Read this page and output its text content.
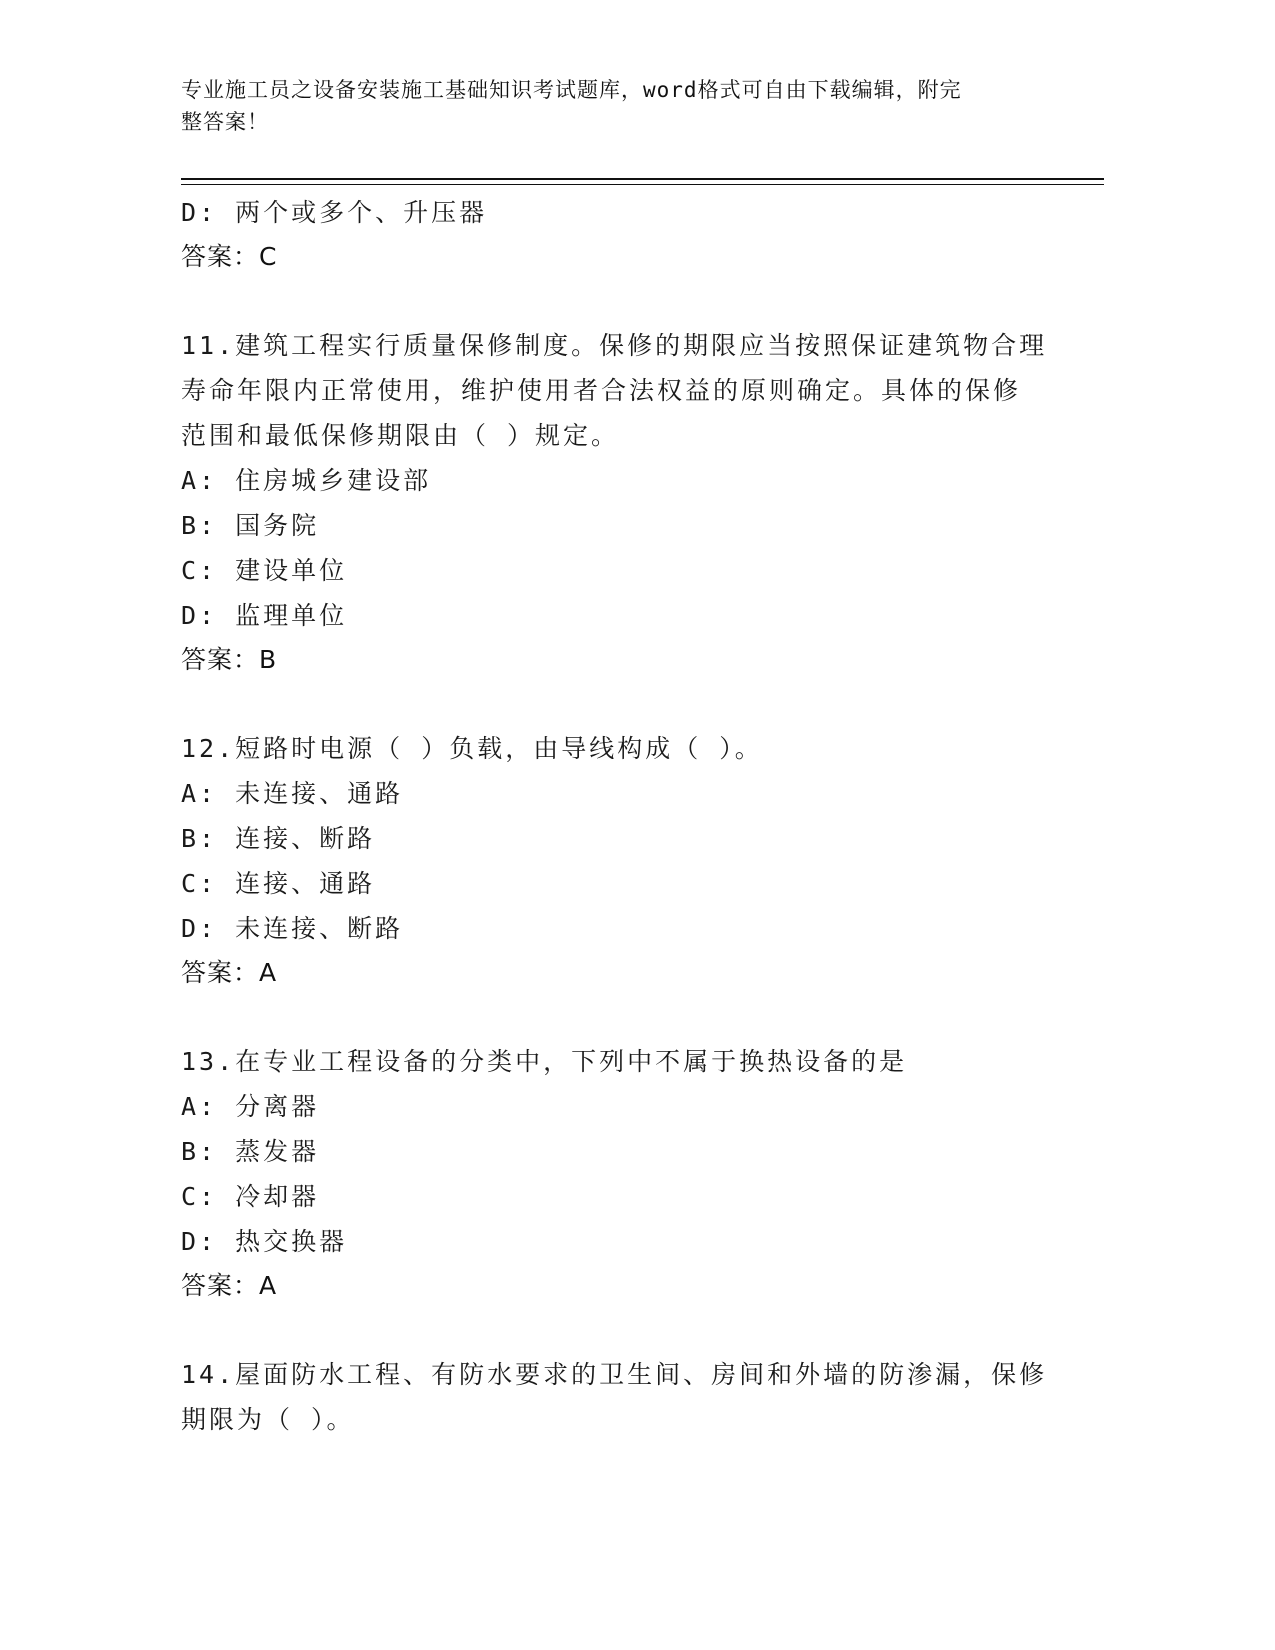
专业施工员之设备安装施工基础知识考试题库，word格式可自由下载编辑，附完
整答案！
D: 两个或多个、升压器
答案：C
11.建筑工程实行质量保修制度。保修的期限应当按照保证建筑物合理
寿命年限内正常使用，维护使用者合法权益的原则确定。具体的保修
范围和最低保修期限由（ ）规定。
A: 住房城乡建设部
B: 国务院
C: 建设单位
D: 监理单位
答案：B
12.短路时电源（ ）负载，由导线构成（ ）。
A: 未连接、通路
B: 连接、断路
C: 连接、通路
D: 未连接、断路
答案：A
13.在专业工程设备的分类中，下列中不属于换热设备的是
A: 分离器
B: 蒸发器
C: 冷却器
D: 热交换器
答案：A
14.屋面防水工程、有防水要求的卫生间、房间和外墙的防渗漏，保修
期限为（ ）。
